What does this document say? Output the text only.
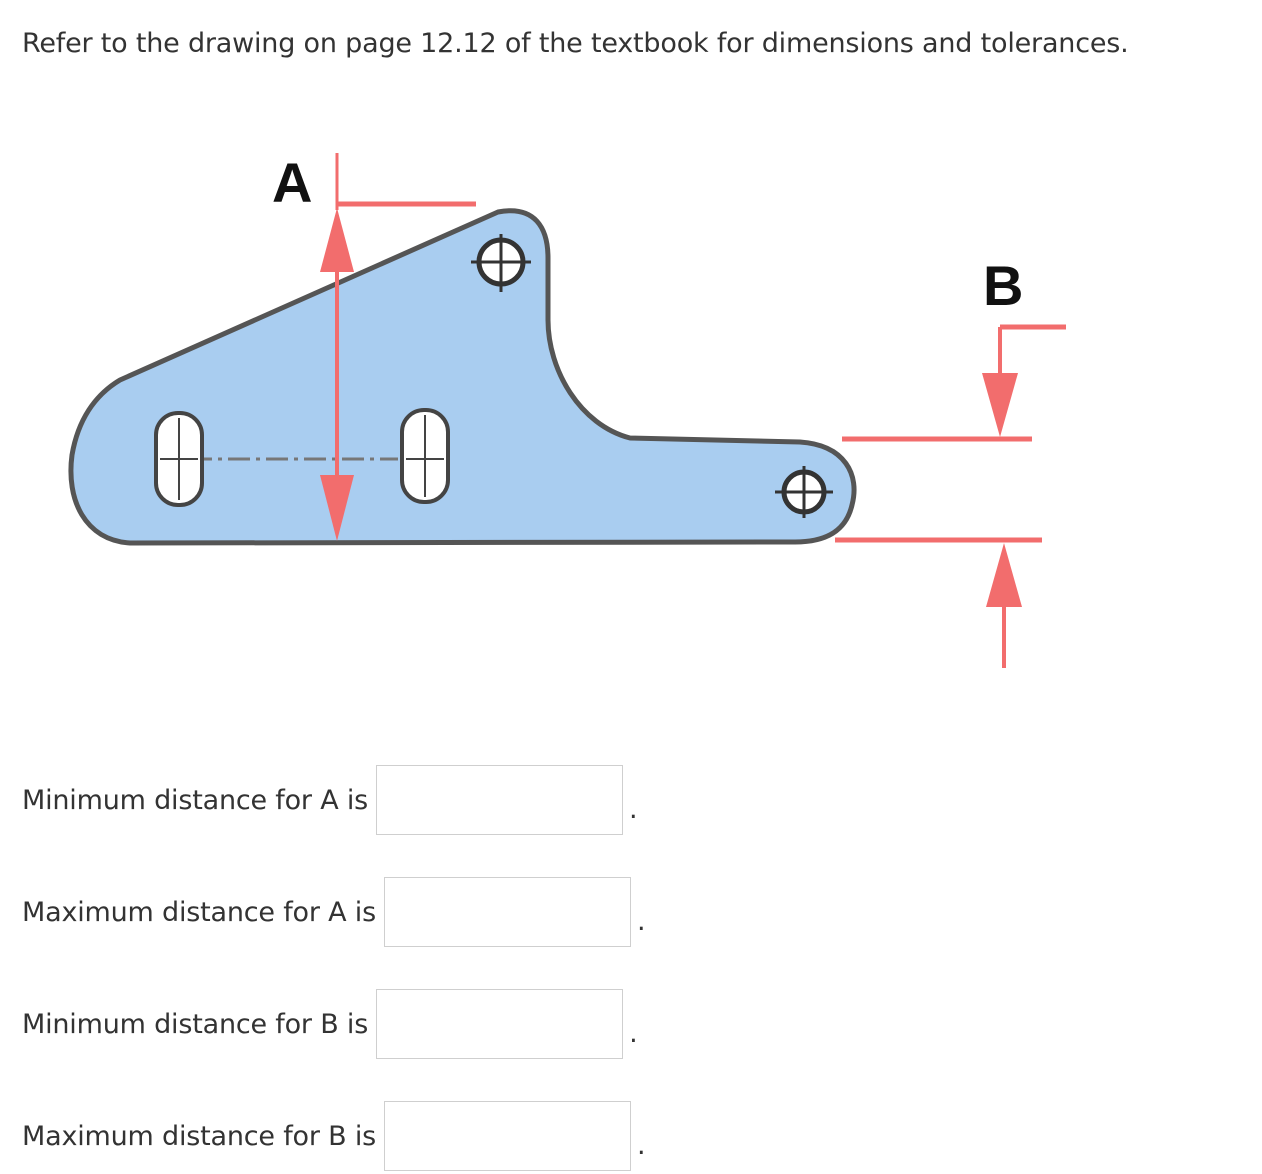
Refer to the drawing on page 12.12 of the textbook for dimensions and tolerances.
A
B
Minimum distance for A is	.
Maximum distance for A is	.
Minimum distance for B is	.
Maximum distance for B is	.
